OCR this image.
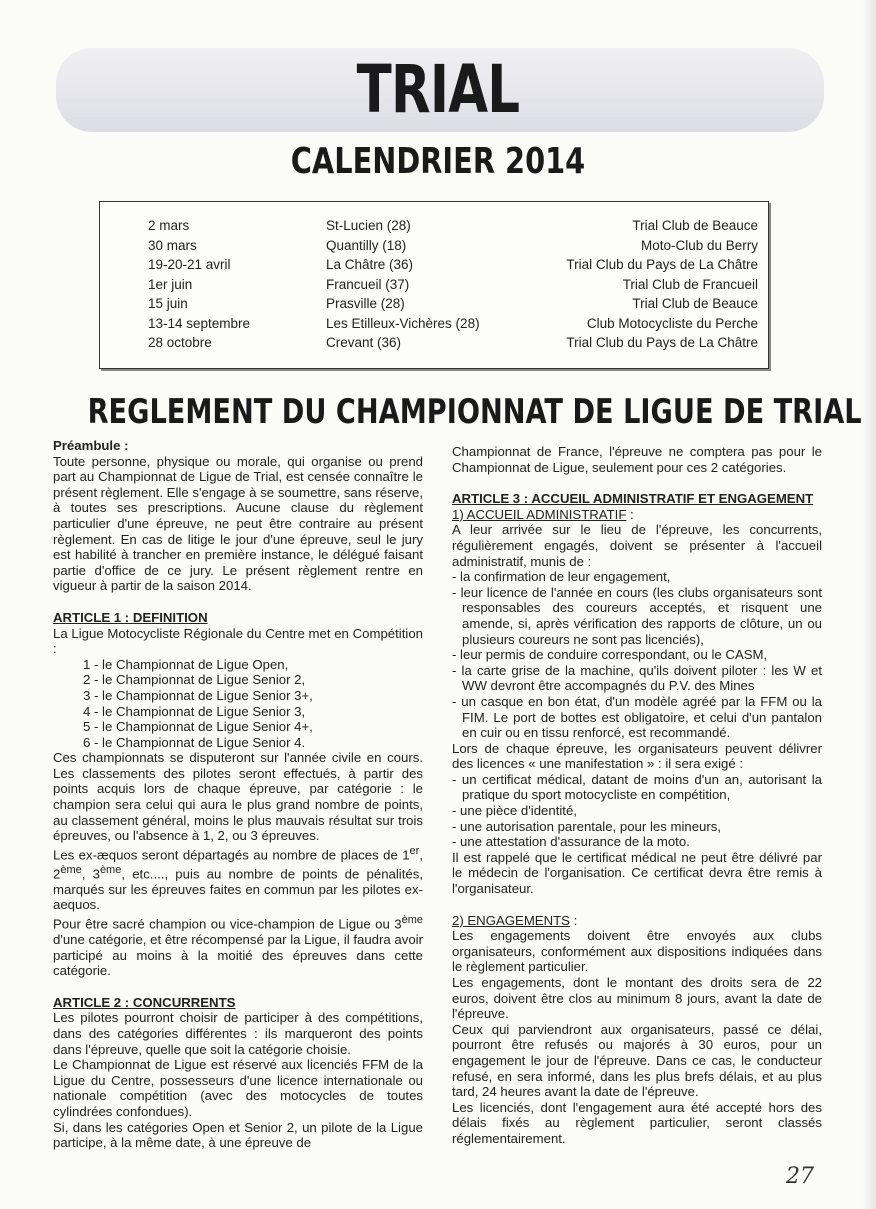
TRIAL
CALENDRIER 2014
2 mars	St-Lucien (28)	Trial Club de Beauce
30 mars	Quantilly (18)	Moto-Club du Berry
19-20-21 avril	La Châtre (36)	Trial Club du Pays de La Châtre
1er juin	Francueil (37)	Trial Club de Francueil
15 juin	Prasville (28)	Trial Club de Beauce
13-14 septembre	Les Etilleux-Vichères (28)	Club Motocycliste du Perche
28 octobre	Crevant (36)	Trial Club du Pays de La Châtre
REGLEMENT DU CHAMPIONNAT DE LIGUE DE TRIAL

Préambule :

Toute personne, physique ou morale, qui organise ou prend part au Championnat de Ligue de Trial, est censée connaître le présent règlement. Elle s'engage à se soumettre, sans réserve, à toutes ses prescriptions. Aucune clause du règlement particulier d'une épreuve, ne peut être contraire au présent règlement. En cas de litige le jour d'une épreuve, seul le jury est habilité à trancher en première instance, le délégué faisant partie d'office de ce jury. Le présent règlement rentre en vigueur à partir de la saison 2014.

ARTICLE 1 : DEFINITION

La Ligue Motocycliste Régionale du Centre met en Compétition :

1 - le Championnat de Ligue Open,

2 - le Championnat de Ligue Senior 2,

3 - le Championnat de Ligue Senior 3+,

4 - le Championnat de Ligue Senior 3,

5 - le Championnat de Ligue Senior 4+,

6 - le Championnat de Ligue Senior 4.

Ces championnats se disputeront sur l'année civile en cours. Les classements des pilotes seront effectués, à partir des points acquis lors de chaque épreuve, par catégorie : le champion sera celui qui aura le plus grand nombre de points, au classement général, moins le plus mauvais résultat sur trois épreuves, ou l'absence à 1, 2, ou 3 épreuves.

Les ex-æquos seront départagés au nombre de places de 1er, 2ème, 3ème, etc...., puis au nombre de points de pénalités, marqués sur les épreuves faites en commun par les pilotes ex-aequos.

Pour être sacré champion ou vice-champion de Ligue ou 3ème d'une catégorie, et être récompensé par la Ligue, il faudra avoir participé au moins à la moitié des épreuves dans cette catégorie.

ARTICLE 2 : CONCURRENTS

Les pilotes pourront choisir de participer à des compétitions, dans des catégories différentes : ils marqueront des points dans l'épreuve, quelle que soit la catégorie choisie.

Le Championnat de Ligue est réservé aux licenciés FFM de la Ligue du Centre, possesseurs d'une licence internationale ou nationale compétition (avec des motocycles de toutes cylindrées confondues).

Si, dans les catégories Open et Senior 2, un pilote de la Ligue participe, à la même date, à une épreuve de

Championnat de France, l'épreuve ne comptera pas pour le Championnat de Ligue, seulement pour ces 2 catégories.

ARTICLE 3 : ACCUEIL ADMINISTRATIF ET ENGAGEMENT

1) ACCUEIL ADMINISTRATIF :

A leur arrivée sur le lieu de l'épreuve, les concurrents, régulièrement engagés, doivent se présenter à l'accueil administratif, munis de :

- la confirmation de leur engagement,

- leur licence de l'année en cours (les clubs organisateurs sont responsables des coureurs acceptés, et risquent une amende, si, après vérification des rapports de clôture, un ou plusieurs coureurs ne sont pas licenciés),

- leur permis de conduire correspondant, ou le CASM,

- la carte grise de la machine, qu'ils doivent piloter : les W et WW devront être accompagnés du P.V. des Mines

- un casque en bon état, d'un modèle agréé par la FFM ou la FIM. Le port de bottes est obligatoire, et celui d'un pantalon en cuir ou en tissu renforcé, est recommandé.

Lors de chaque épreuve, les organisateurs peuvent délivrer des licences « une manifestation » : il sera exigé :

- un certificat médical, datant de moins d'un an, autorisant la pratique du sport motocycliste en compétition,

- une pièce d'identité,

- une autorisation parentale, pour les mineurs,

- une attestation d'assurance de la moto.

Il est rappelé que le certificat médical ne peut être délivré par le médecin de l'organisation. Ce certificat devra être remis à l'organisateur.

2) ENGAGEMENTS :

Les engagements doivent être envoyés aux clubs organisateurs, conformément aux dispositions indiquées dans le règlement particulier.

Les engagements, dont le montant des droits sera de 22 euros, doivent être clos au minimum 8 jours, avant la date de l'épreuve.

Ceux qui parviendront aux organisateurs, passé ce délai, pourront être refusés ou majorés à 30 euros, pour un engagement le jour de l'épreuve. Dans ce cas, le conducteur refusé, en sera informé, dans les plus brefs délais, et au plus tard, 24 heures avant la date de l'épreuve.

Les licenciés, dont l'engagement aura été accepté hors des délais fixés au règlement particulier, seront classés réglementairement.

27
